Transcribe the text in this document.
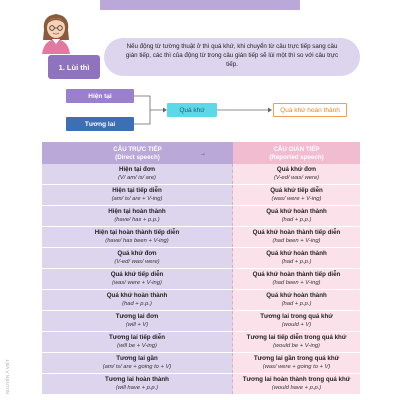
1. Lùi thì
Nếu động từ tường thuật ở thì quá khứ, khi chuyển từ câu trực tiếp sang câu gián tiếp, các thì của động từ trong câu gián tiếp sẽ lùi một thì so với câu trực tiếp.
Hiện tại
Tương lai
Quá khứ	Quá khứ hoàn thành
CÂU TRỰC TIẾP
(Direct speech)
CÂU GIÁN TIẾP
(Reported speech)
→
Hiện tại đơn
(V/ am/ is/ are)
Quá khứ đơn
(V-ed/ was/ were)
Hiện tại tiếp diễn
(am/ is/ are + V-ing)
Quá khứ tiếp diễn
(was/ were + V-ing)
Hiện tại hoàn thành
(have/ has + p.p.)
Quá khứ hoàn thành
(had + p.p.)
Hiện tại hoàn thành tiếp diễn
(have/ has been + V-ing)
Quá khứ hoàn thành tiếp diễn
(had been + V-ing)
Quá khứ đơn
(V-ed/ was/ were)
Quá khứ hoàn thành
(had + p.p.)
Quá khứ tiếp diễn
(was/ were + V-ing)
Quá khứ hoàn thành tiếp diễn
(had been + V-ing)
Quá khứ hoàn thành
(had + p.p.)
Quá khứ hoàn thành
(had + p.p.)
Tương lai đơn
(will + V)
Tương lai trong quá khứ
(would + V)
Tương lai tiếp diễn
(will be + V-ing)
Tương lai tiếp diễn trong quá khứ
(would be + V-ing)
Tương lai gần
(am/ is/ are + going to + V)
Tương lai gần trong quá khứ
(was/ were + going to + V)
Tương lai hoàn thành
(will have + p.p.)
Tương lai hoàn thành trong quá khứ
(would have + p.p.)
NGUYỄN Ả VIỆT
